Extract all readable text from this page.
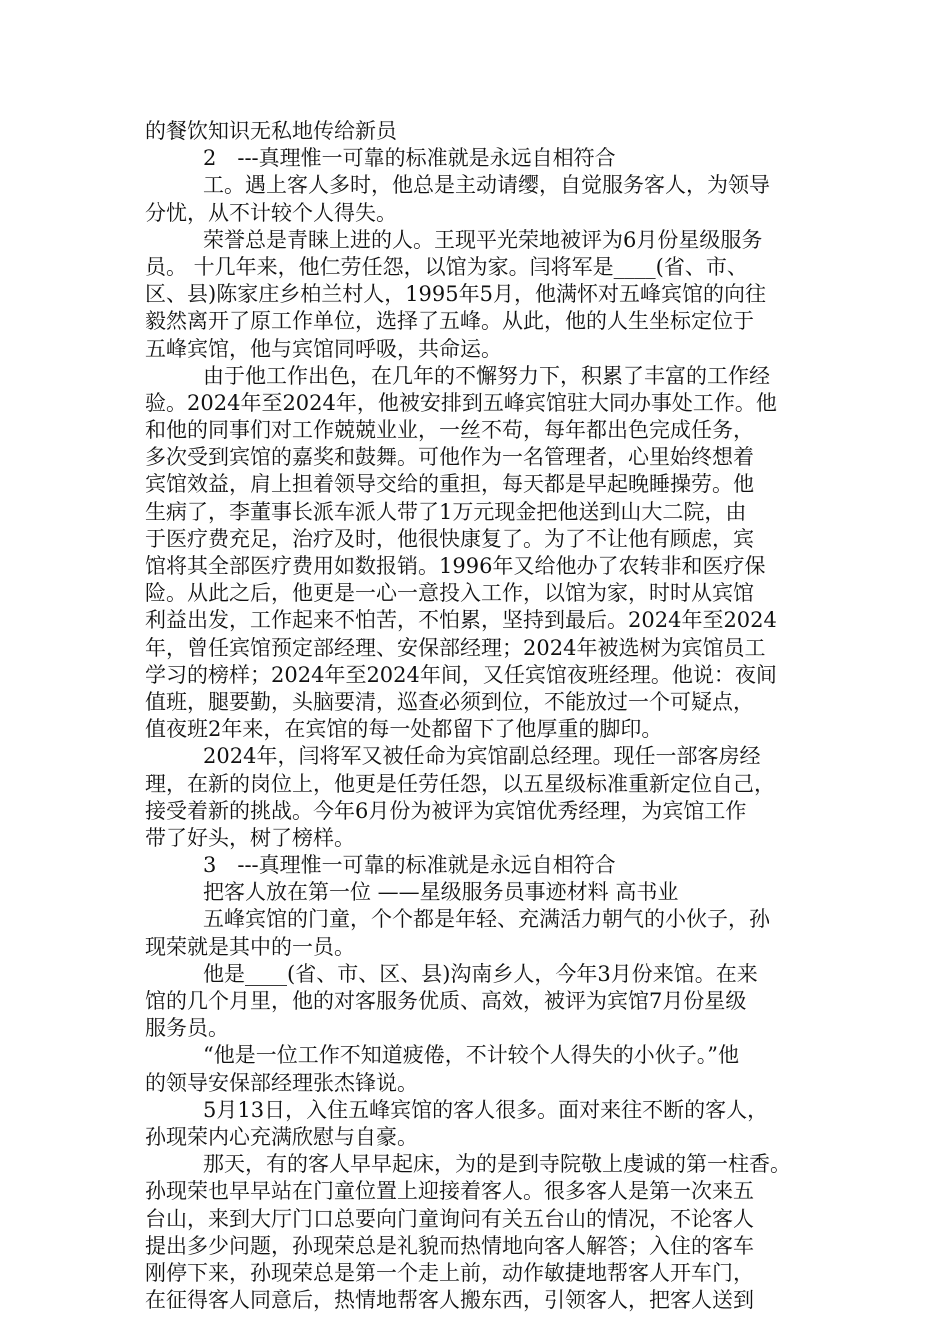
的餐饮知识无私地传给新员
2　---真理惟一可靠的标准就是永远自相符合
工。遇上客人多时，他总是主动请缨，自觉服务客人，为领导
分忧，从不计较个人得失。
荣誉总是青睐上进的人。王现平光荣地被评为6月份星级服务
员。 十几年来，他仁劳任怨，以馆为家。闫将军是____(省、市、
区、县)陈家庄乡柏兰村人，1995年5月，他满怀对五峰宾馆的向往
毅然离开了原工作单位，选择了五峰。从此，他的人生坐标定位于
五峰宾馆，他与宾馆同呼吸，共命运。
由于他工作出色，在几年的不懈努力下，积累了丰富的工作经
验。2024年至2024年，他被安排到五峰宾馆驻大同办事处工作。他
和他的同事们对工作兢兢业业，一丝不苟，每年都出色完成任务，
多次受到宾馆的嘉奖和鼓舞。可他作为一名管理者，心里始终想着
宾馆效益，肩上担着领导交给的重担，每天都是早起晚睡操劳。他
生病了，李董事长派车派人带了1万元现金把他送到山大二院，由
于医疗费充足，治疗及时，他很快康复了。为了不让他有顾虑，宾
馆将其全部医疗费用如数报销。1996年又给他办了农转非和医疗保
险。从此之后，他更是一心一意投入工作，以馆为家，时时从宾馆
利益出发，工作起来不怕苦，不怕累，坚持到最后。2024年至2024
年，曾任宾馆预定部经理、安保部经理；2024年被选树为宾馆员工
学习的榜样；2024年至2024年间，又任宾馆夜班经理。他说：夜间
值班，腿要勤，头脑要清，巡查必须到位，不能放过一个可疑点，
值夜班2年来，在宾馆的每一处都留下了他厚重的脚印。
2024年，闫将军又被任命为宾馆副总经理。现任一部客房经
理，在新的岗位上，他更是任劳任怨，以五星级标准重新定位自己，
接受着新的挑战。今年6月份为被评为宾馆优秀经理，为宾馆工作
带了好头，树了榜样。
3　---真理惟一可靠的标准就是永远自相符合
把客人放在第一位 ——星级服务员事迹材料 高书业
五峰宾馆的门童，个个都是年轻、充满活力朝气的小伙子，孙
现荣就是其中的一员。
他是____(省、市、区、县)沟南乡人，今年3月份来馆。在来
馆的几个月里，他的对客服务优质、高效，被评为宾馆7月份星级
服务员。
“他是一位工作不知道疲倦，不计较个人得失的小伙子。”他
的领导安保部经理张杰锋说。
5月13日，入住五峰宾馆的客人很多。面对来往不断的客人，
孙现荣内心充满欣慰与自豪。
那天，有的客人早早起床，为的是到寺院敬上虔诚的第一柱香。
孙现荣也早早站在门童位置上迎接着客人。很多客人是第一次来五
台山，来到大厅门口总要向门童询问有关五台山的情况，不论客人
提出多少问题，孙现荣总是礼貌而热情地向客人解答；入住的客车
刚停下来，孙现荣总是第一个走上前，动作敏捷地帮客人开车门，
在征得客人同意后，热情地帮客人搬东西，引领客人，把客人送到
